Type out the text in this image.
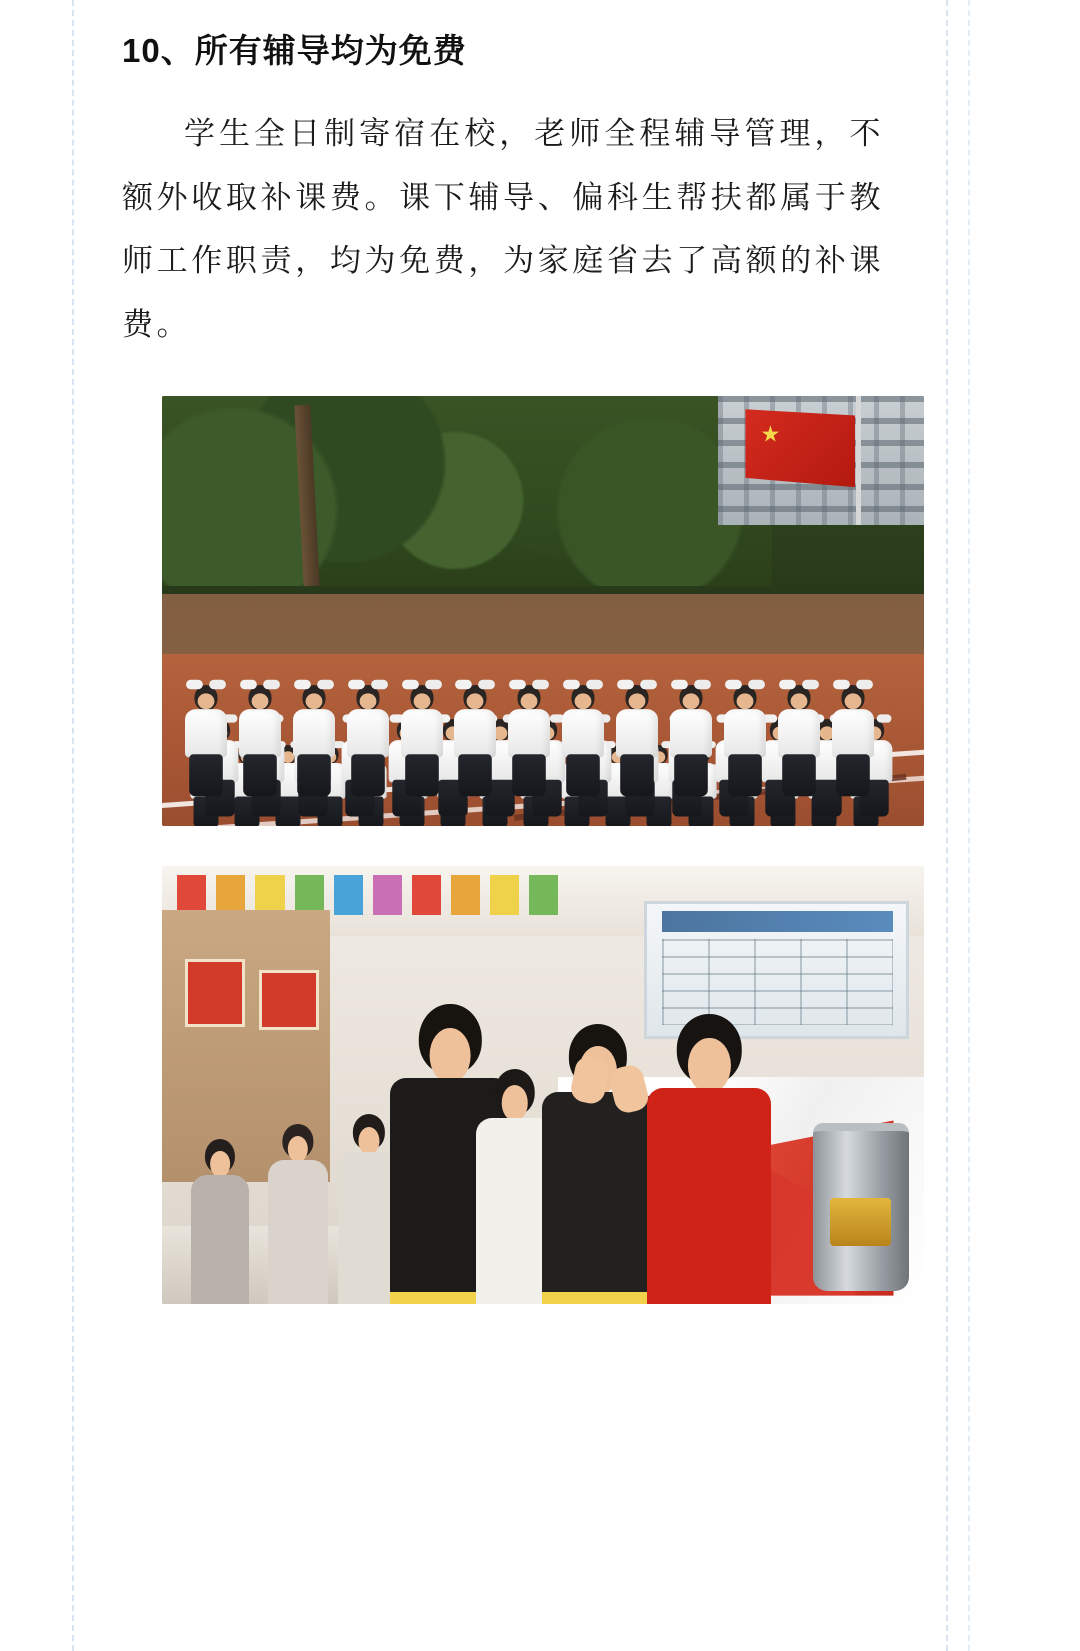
10、所有辅导均为免费

学生全日制寄宿在校，老师全程辅导管理，不额外收取补课费。课下辅导、偏科生帮扶都属于教师工作职责，均为免费，为家庭省去了高额的补课费。
